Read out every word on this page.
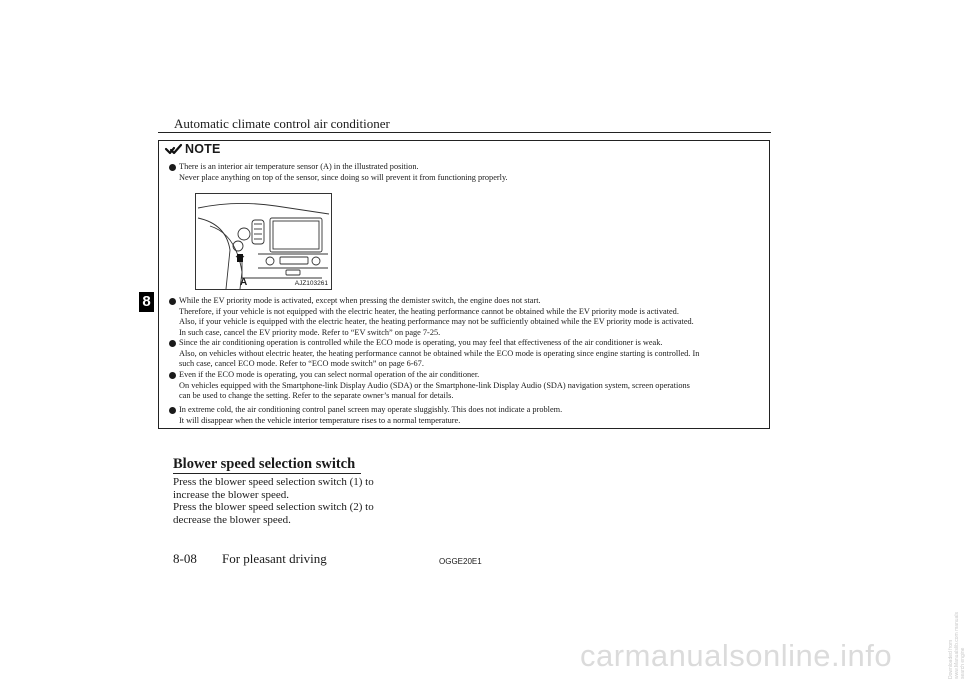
Automatic climate control air conditioner
8
NOTE
There is an interior air temperature sensor (A) in the illustrated position.
Never place anything on top of the sensor, since doing so will prevent it from functioning properly.
A	AJZ103261
While the EV priority mode is activated, except when pressing the demister switch, the engine does not start.
Therefore, if your vehicle is not equipped with the electric heater, the heating performance cannot be obtained while the EV priority mode is activated.
Also, if your vehicle is equipped with the electric heater, the heating performance may not be sufficiently obtained while the EV priority mode is activated.
In such case, cancel the EV priority mode. Refer to “EV switch” on page 7-25.
Since the air conditioning operation is controlled while the ECO mode is operating, you may feel that effectiveness of the air conditioner is weak.
Also, on vehicles without electric heater, the heating performance cannot be obtained while the ECO mode is operating since engine starting is controlled. In
such case, cancel ECO mode. Refer to “ECO mode switch” on page 6-67.
Even if the ECO mode is operating, you can select normal operation of the air conditioner.
On vehicles equipped with the Smartphone-link Display Audio (SDA) or the Smartphone-link Display Audio (SDA) navigation system, screen operations
can be used to change the setting. Refer to the separate owner’s manual for details.
In extreme cold, the air conditioning control panel screen may operate sluggishly. This does not indicate a problem.
It will disappear when the vehicle interior temperature rises to a normal temperature.
Blower speed selection switch
Press the blower speed selection switch (1) to
increase the blower speed.
Press the blower speed selection switch (2) to
decrease the blower speed.
8-08 For pleasant driving	OGGE20E1
carmanualsonline.info	Downloaded from www.Manualslib.com manuals search engine
